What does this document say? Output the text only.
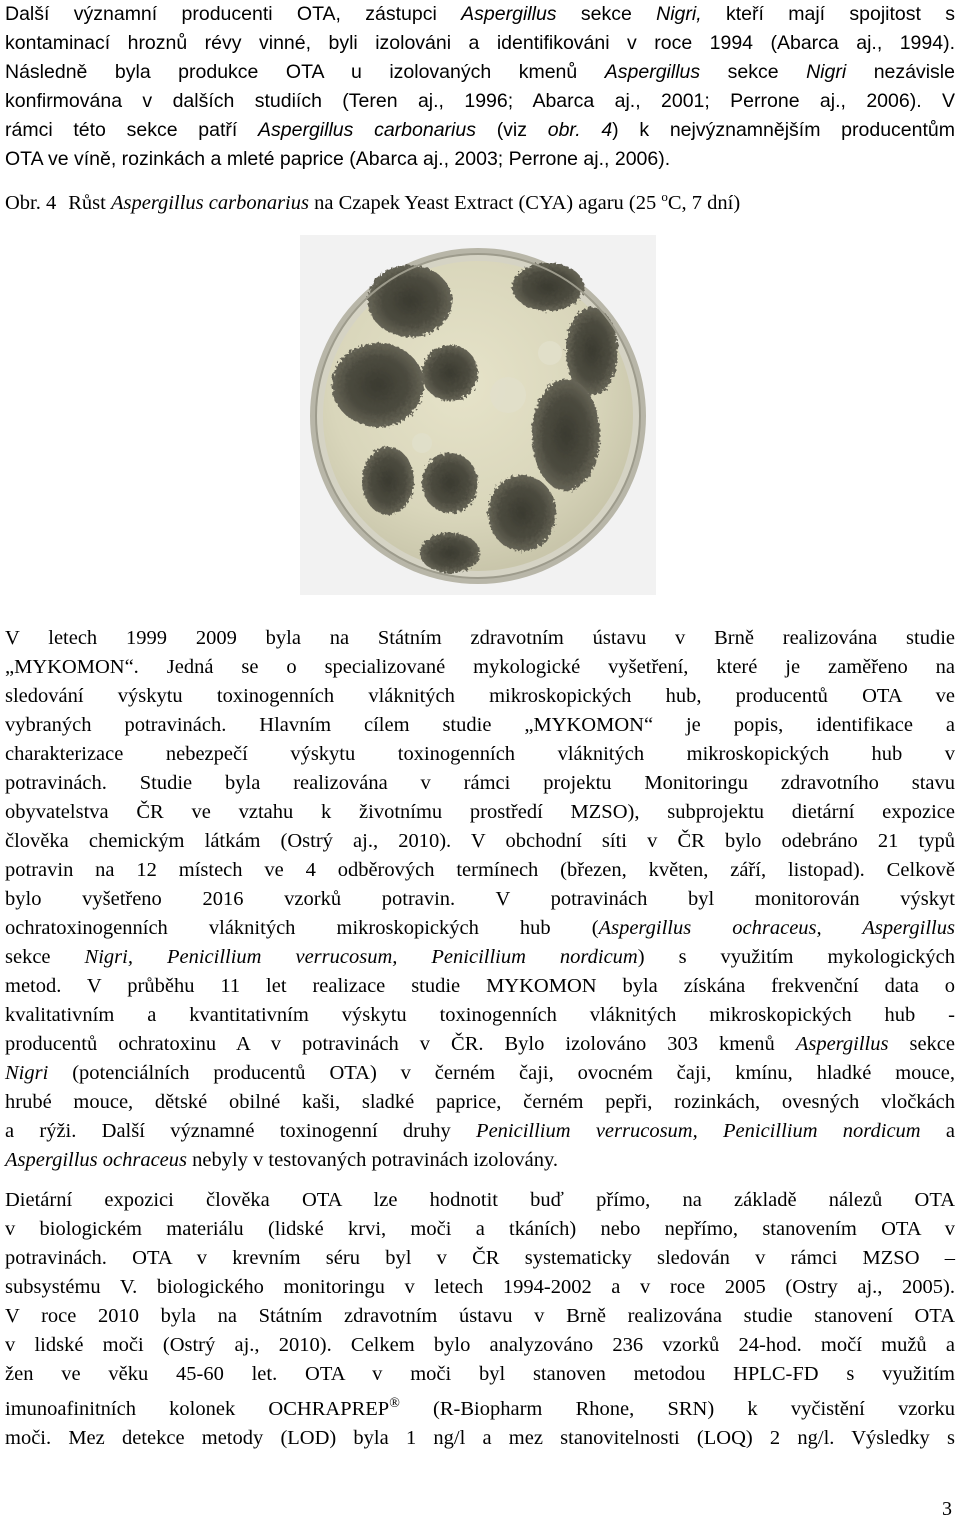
Další významní producenti OTA, zástupci Aspergillus sekce Nigri, kteří mají spojitost s

kontaminací hroznů révy vinné, byli izolováni a identifikováni v roce 1994 (Abarca aj., 1994).

Následně byla produkce OTA u izolovaných kmenů Aspergillus sekce Nigri nezávisle

konfirmována v dalších studiích (Teren aj., 1996; Abarca aj., 2001; Perrone aj., 2006). V

rámci této sekce patří Aspergillus carbonarius (viz obr. 4) k nejvýznamnějším producentům

OTA ve víně, rozinkách a mleté paprice (Abarca aj., 2003; Perrone aj., 2006).

Obr. 4 Růst Aspergillus carbonarius na Czapek Yeast Extract (CYA) agaru (25 $^o$C, 7 dní)

V letech 1999 2009 byla na Státním zdravotním ústavu v Brně realizována studie

„MYKOMON“. Jedná se o specializované mykologické vyšetření, které je zaměřeno na

sledování výskytu toxinogenních vláknitých mikroskopických hub, producentů OTA ve

vybraných potravinách. Hlavním cílem studie „MYKOMON“ je popis, identifikace a

charakterizace nebezpečí výskytu toxinogenních vláknitých mikroskopických hub v

potravinách. Studie byla realizována v rámci projektu Monitoringu zdravotního stavu

obyvatelstva ČR ve vztahu k životnímu prostředí MZSO), subprojektu dietární expozice

člověka chemickým látkám (Ostrý aj., 2010). V obchodní síti v ČR bylo odebráno 21 typů

potravin na 12 místech ve 4 odběrových termínech (březen, květen, září, listopad). Celkově

bylo vyšetřeno 2016 vzorků potravin. V potravinách byl monitorován výskyt

ochratoxinogenních vláknitých mikroskopických hub (Aspergillus ochraceus, Aspergillus

sekce Nigri, Penicillium verrucosum, Penicillium nordicum) s využitím mykologických

metod. V průběhu 11 let realizace studie MYKOMON byla získána frekvenční data o

kvalitativním a kvantitativním výskytu toxinogenních vláknitých mikroskopických hub -

producentů ochratoxinu A v potravinách v ČR. Bylo izolováno 303 kmenů Aspergillus sekce

Nigri (potenciálních producentů OTA) v černém čaji, ovocném čaji, kmínu, hladké mouce,

hrubé mouce, dětské obilné kaši, sladké paprice, černém pepři, rozinkách, ovesných vločkách

a rýži. Další významné toxinogenní druhy Penicillium verrucosum, Penicillium nordicum a

Aspergillus ochraceus nebyly v testovaných potravinách izolovány.

Dietární expozici člověka OTA lze hodnotit buď přímo, na základě nálezů OTA

v biologickém materiálu (lidské krvi, moči a tkáních) nebo nepřímo, stanovením OTA v

potravinách. OTA v krevním séru byl v ČR systematicky sledován v rámci MZSO –

subsystému V. biologického monitoringu v letech 1994-2002 a v roce 2005 (Ostry aj., 2005).

V roce 2010 byla na Státním zdravotním ústavu v Brně realizována studie stanovení OTA

v lidské moči (Ostrý aj., 2010). Celkem bylo analyzováno 236 vzorků 24-hod. močí mužů a

žen ve věku 45-60 let. OTA v moči byl stanoven metodou HPLC-FD s využitím

imunoafinitních kolonek OCHRAPREP® (R-Biopharm Rhone, SRN) k vyčistění vzorku

moči. Mez detekce metody (LOD) byla 1 ng/l a mez stanovitelnosti (LOQ) 2 ng/l. Výsledky s

3
